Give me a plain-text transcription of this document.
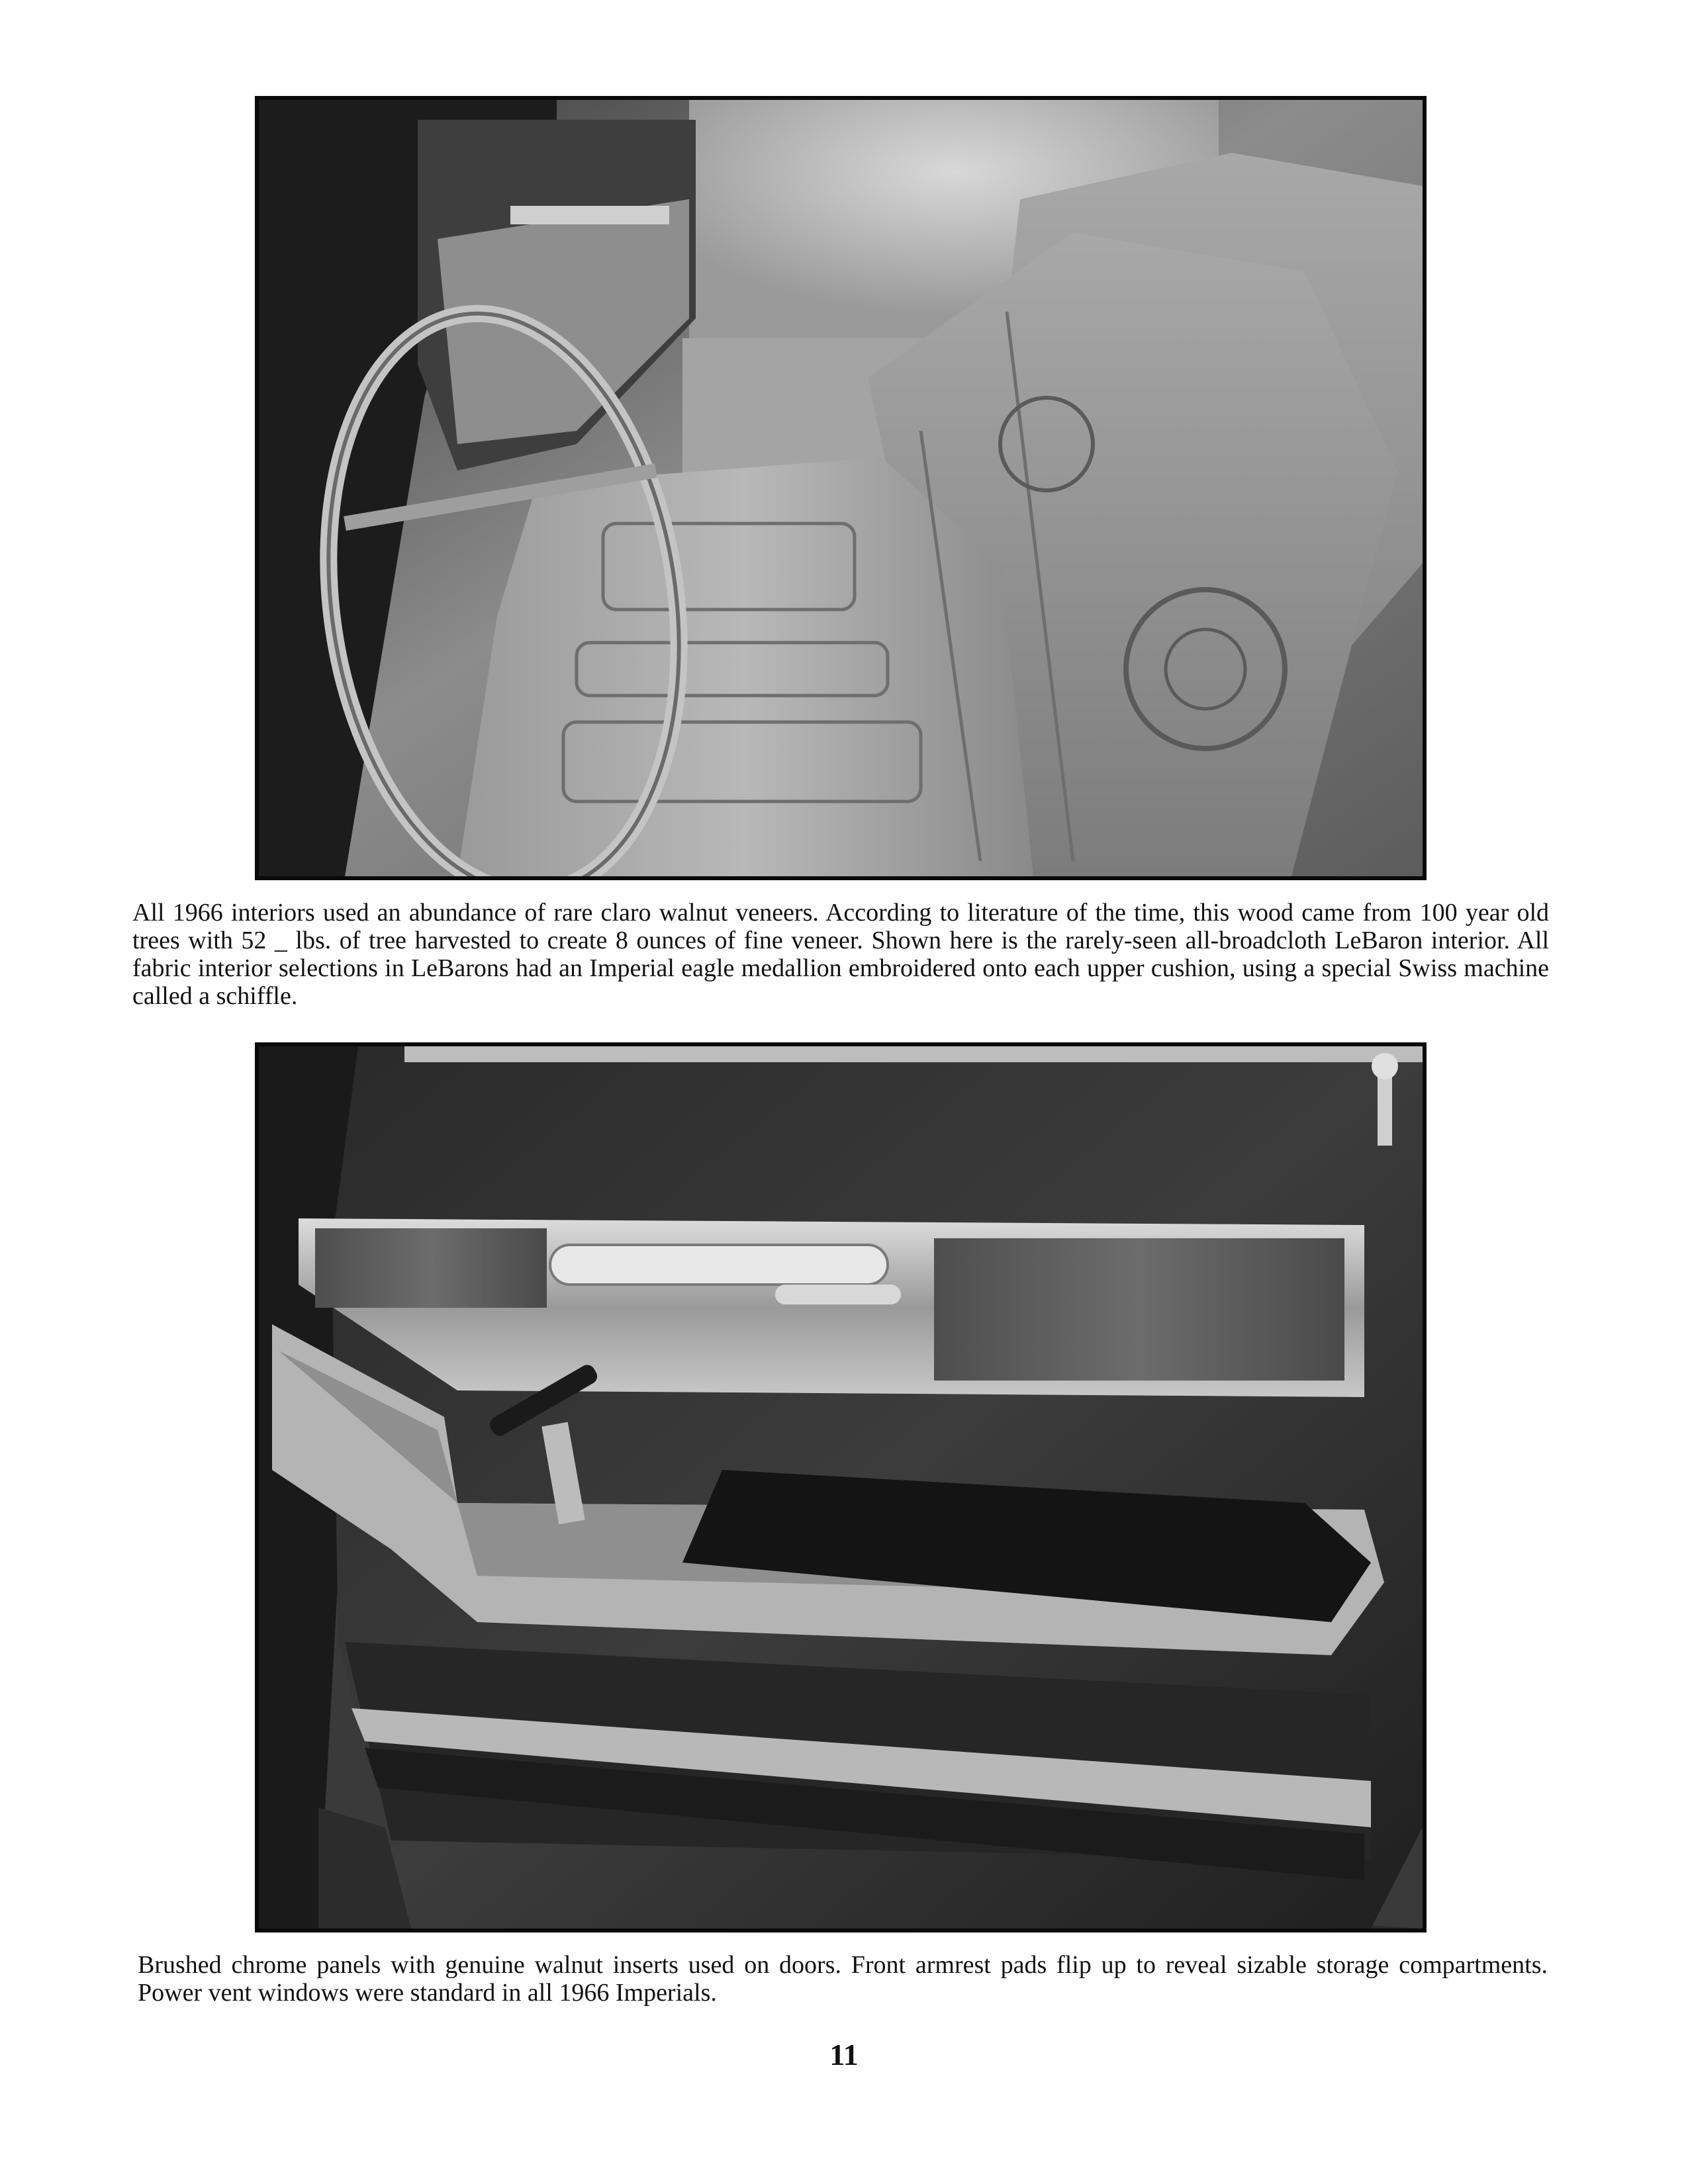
All 1966 interiors used an abundance of rare claro walnut veneers. According to literature of the time, this wood came from 100 year old trees with 52 _ lbs. of tree harvested to create 8 ounces of fine veneer. Shown here is the rarely-seen all-broadcloth LeBaron interior. All fabric interior selections in LeBarons had an Imperial eagle medallion embroidered onto each upper cushion, using a special Swiss machine called a schiffle.

Brushed chrome panels with genuine walnut inserts used on doors. Front armrest pads flip up to reveal sizable storage compartments. Power vent windows were standard in all 1966 Imperials.

11
